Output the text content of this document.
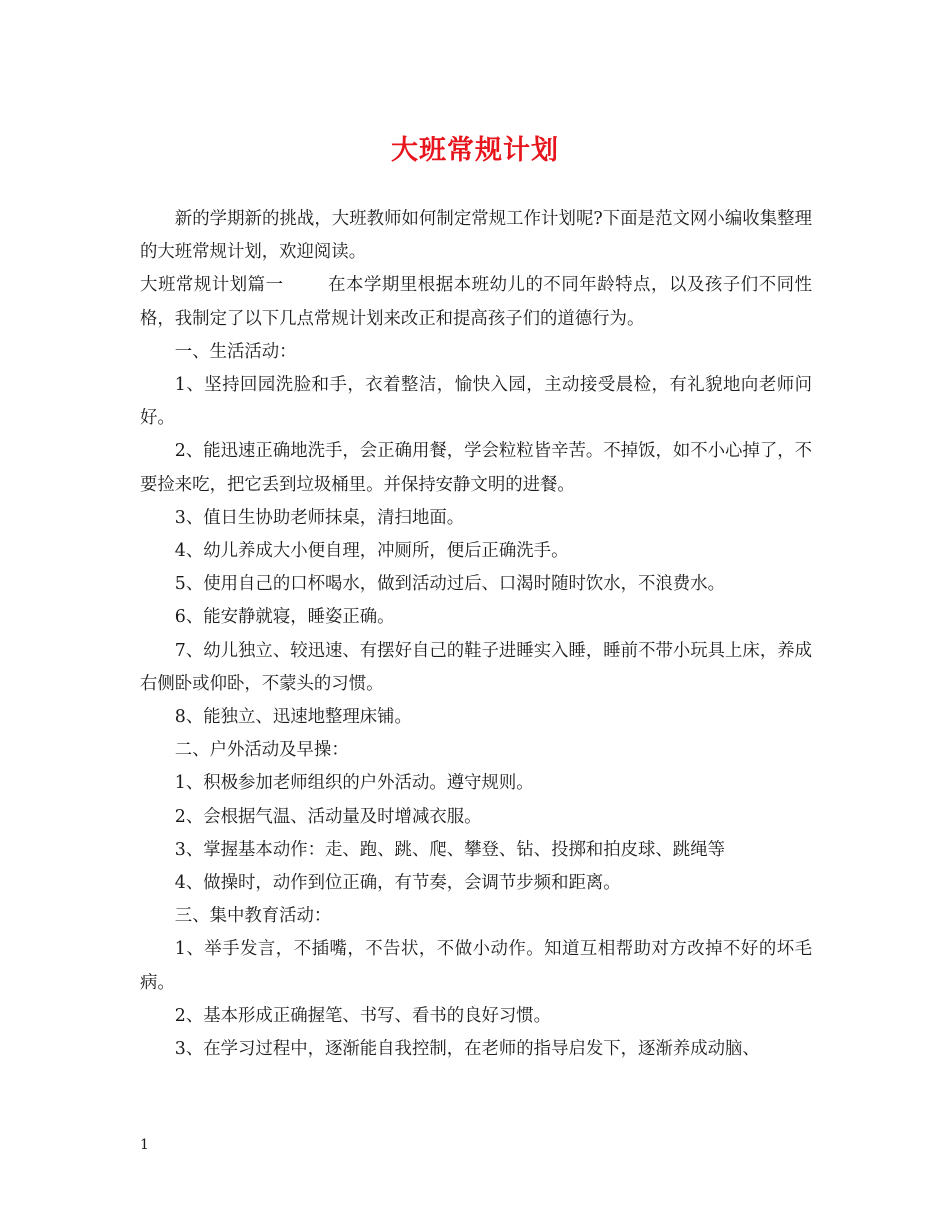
大班常规计划

新的学期新的挑战，大班教师如何制定常规工作计划呢?下面是范文网小编收集整理的大班常规计划，欢迎阅读。

大班常规计划篇一	在本学期里根据本班幼儿的不同年龄特点，以及孩子们不同性格，我制定了以下几点常规计划来改正和提高孩子们的道德行为。

一、生活活动：

1、坚持回园洗脸和手，衣着整洁，愉快入园，主动接受晨检，有礼貌地向老师问好。

2、能迅速正确地洗手，会正确用餐，学会粒粒皆辛苦。不掉饭，如不小心掉了，不要捡来吃，把它丢到垃圾桶里。并保持安静文明的进餐。

3、值日生协助老师抹桌，清扫地面。

4、幼儿养成大小便自理，冲厕所，便后正确洗手。

5、使用自己的口杯喝水，做到活动过后、口渴时随时饮水，不浪费水。

6、能安静就寝，睡姿正确。

7、幼儿独立、较迅速、有摆好自己的鞋子进睡实入睡，睡前不带小玩具上床，养成右侧卧或仰卧，不蒙头的习惯。

8、能独立、迅速地整理床铺。

二、户外活动及早操：

1、积极参加老师组织的户外活动。遵守规则。

2、会根据气温、活动量及时增减衣服。

3、掌握基本动作：走、跑、跳、爬、攀登、钻、投掷和拍皮球、跳绳等

4、做操时，动作到位正确，有节奏，会调节步频和距离。

三、集中教育活动：

1、举手发言，不插嘴，不告状，不做小动作。知道互相帮助对方改掉不好的坏毛病。

2、基本形成正确握笔、书写、看书的良好习惯。

3、在学习过程中，逐渐能自我控制，在老师的指导启发下，逐渐养成动脑、

1
